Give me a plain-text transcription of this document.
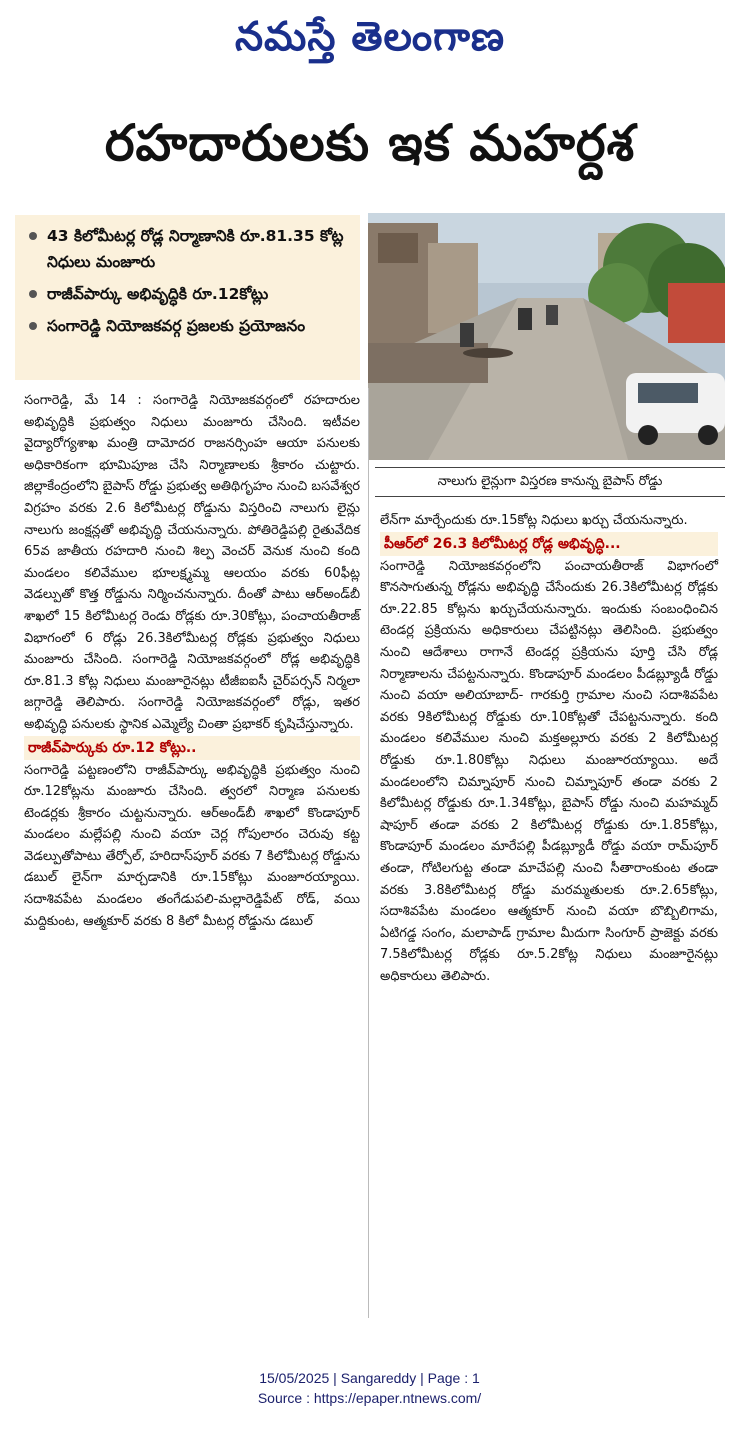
నమస్తే తెలంగాణ
రహదారులకు ఇక మహర్దశ
43 కిలోమీటర్ల రోడ్ల నిర్మాణానికి రూ.81.35 కోట్ల నిధులు మంజూరు
రాజీవ్‌పార్కు అభివృద్ధికి రూ.12కోట్లు
సంగారెడ్డి నియోజకవర్గ ప్రజలకు ప్రయోజనం
నాలుగు లైన్లుగా విస్తరణ కానున్న బైపాస్ రోడ్డు

సంగారెడ్డి, మే 14 : సంగారెడ్డి నియోజకవర్గంలో రహదారుల అభివృద్ధికి ప్రభుత్వం నిధులు మంజూరు చేసింది. ఇటీవల వైద్యారోగ్యశాఖ మంత్రి దామోదర రాజనర్సింహ ఆయా పనులకు అధికారికంగా భూమిపూజ చేసి నిర్మాణాలకు శ్రీకారం చుట్టారు. జిల్లాకేంద్రంలోని బైపాస్ రోడ్డు ప్రభుత్వ అతిథిగృహం నుంచి బసవేశ్వర విగ్రహం వరకు 2.6 కిలోమీటర్ల రోడ్డును విస్తరించి నాలుగు లైన్లు నాలుగు జంక్షన్లతో అభివృద్ధి చేయనున్నారు. పోతిరెడ్డిపల్లి రైతువేదిక 65వ జాతీయ రహదారి నుంచి శిల్ప వెంచర్ వెనుక నుంచి కంది మండలం కలివేముల భూలక్ష్మమ్మ ఆలయం వరకు 60ఫీట్ల వెడల్పుతో కొత్త రోడ్డును నిర్మించనున్నారు. దీంతో పాటు ఆర్‌అండ్‌బీ శాఖలో 15 కిలోమీటర్ల రెండు రోడ్లకు రూ.30కోట్లు, పంచాయతీరాజ్ విభాగంలో 6 రోడ్లు 26.3కిలోమీటర్ల రోడ్లకు ప్రభుత్వం నిధులు మంజూరు చేసింది. సంగారెడ్డి నియోజకవర్గంలో రోడ్ల అభివృద్ధికి రూ.81.3 కోట్ల నిధులు మంజూరైనట్లు టీజీఐఐసీ చైర్‌పర్సన్ నిర్మలా జగ్గారెడ్డి తెలిపారు. సంగారెడ్డి నియోజకవర్గంలో రోడ్లు, ఇతర అభివృద్ధి పనులకు స్థానిక ఎమ్మెల్యే చింతా ప్రభాకర్ కృషిచేస్తున్నారు.

రాజీవ్‌పార్కుకు రూ.12 కోట్లు..

సంగారెడ్డి పట్టణంలోని రాజీవ్‌పార్కు అభివృద్ధికి ప్రభుత్వం నుంచి రూ.12కోట్లను మంజూరు చేసింది. త్వరలో నిర్మాణ పనులకు టెండర్లకు శ్రీకారం చుట్టనున్నారు. ఆర్‌అండ్‌బీ శాఖలో కొండాపూర్ మండలం మల్లేపల్లి నుంచి వయా చెర్ల గోపులారం చెరువు కట్ట వెడల్పుతోపాటు తేర్పోల్, హరిదాస్‌పూర్ వరకు 7 కిలోమీటర్ల రోడ్డును డబుల్ లైన్‌గా మార్చడానికి రూ.15కోట్లు మంజూరయ్యాయి. సదాశివపేట మండలం తంగేడుపలి-మల్లారెడ్డిపేట్ రోడ్, వయి మద్దికుంట, ఆత్మకూర్ వరకు 8 కిలో మీటర్ల రోడ్డును డబుల్

లేన్‌గా మార్చేందుకు రూ.15కోట్ల నిధులు ఖర్చు చేయనున్నారు.

పీఆర్‌లో 26.3 కిలోమీటర్ల రోడ్ల అభివృద్ధి...

సంగారెడ్డి నియోజకవర్గంలోని పంచాయతీరాజ్ విభాగంలో కొనసాగుతున్న రోడ్లను అభివృద్ధి చేసేందుకు 26.3కిలోమీటర్ల రోడ్లకు రూ.22.85 కోట్లను ఖర్చుచేయనున్నారు. ఇందుకు సంబంధించిన టెండర్ల ప్రక్రియను అధికారులు చేపట్టినట్లు తెలిసింది. ప్రభుత్వం నుంచి ఆదేశాలు రాగానే టెండర్ల ప్రక్రియను పూర్తి చేసి రోడ్ల నిర్మాణాలను చేపట్టనున్నారు. కొండాపూర్ మండలం పీడబ్ల్యూడీ రోడ్డు నుంచి వయా అలియాబాద్- గారకుర్తి గ్రామాల నుంచి సదాశివపేట వరకు 9కిలోమీటర్ల రోడ్డుకు రూ.10కోట్లతో చేపట్టనున్నారు. కంది మండలం కలివేముల నుంచి మక్తఅల్లూరు వరకు 2 కిలోమీటర్ల రోడ్డుకు రూ.1.80కోట్లు నిధులు మంజూరయ్యాయి. అదే మండలంలోని చిమ్నాపూర్ నుంచి చిమ్నాపూర్ తండా వరకు 2 కిలోమీటర్ల రోడ్డుకు రూ.1.34కోట్లు, బైపాస్ రోడ్డు నుంచి మహమ్మద్ షాపూర్ తండా వరకు 2 కిలోమీటర్ల రోడ్డుకు రూ.1.85కోట్లు, కొండాపూర్ మండలం మారేపల్లి పీడబ్ల్యూడీ రోడ్డు వయా రామ్‌పూర్ తండా, గోటిలగుట్ట తండా మాచేపల్లి నుంచి సీతారాంకుంట తండా వరకు 3.8కిలోమీటర్ల రోడ్డు మరమ్మతులకు రూ.2.65కోట్లు, సదాశివపేట మండలం ఆత్మకూర్ నుంచి వయా బొబ్బిలిగామ, ఏటిగడ్డ సంగం, మలాపాడ్ గ్రామాల మీదుగా సింగూర్ ప్రాజెక్టు వరకు 7.5కిలోమీటర్ల రోడ్లకు రూ.5.2కోట్ల నిధులు మంజూరైనట్లు అధికారులు తెలిపారు.

15/05/2025 | Sangareddy | Page : 1
Source : https://epaper.ntnews.com/
